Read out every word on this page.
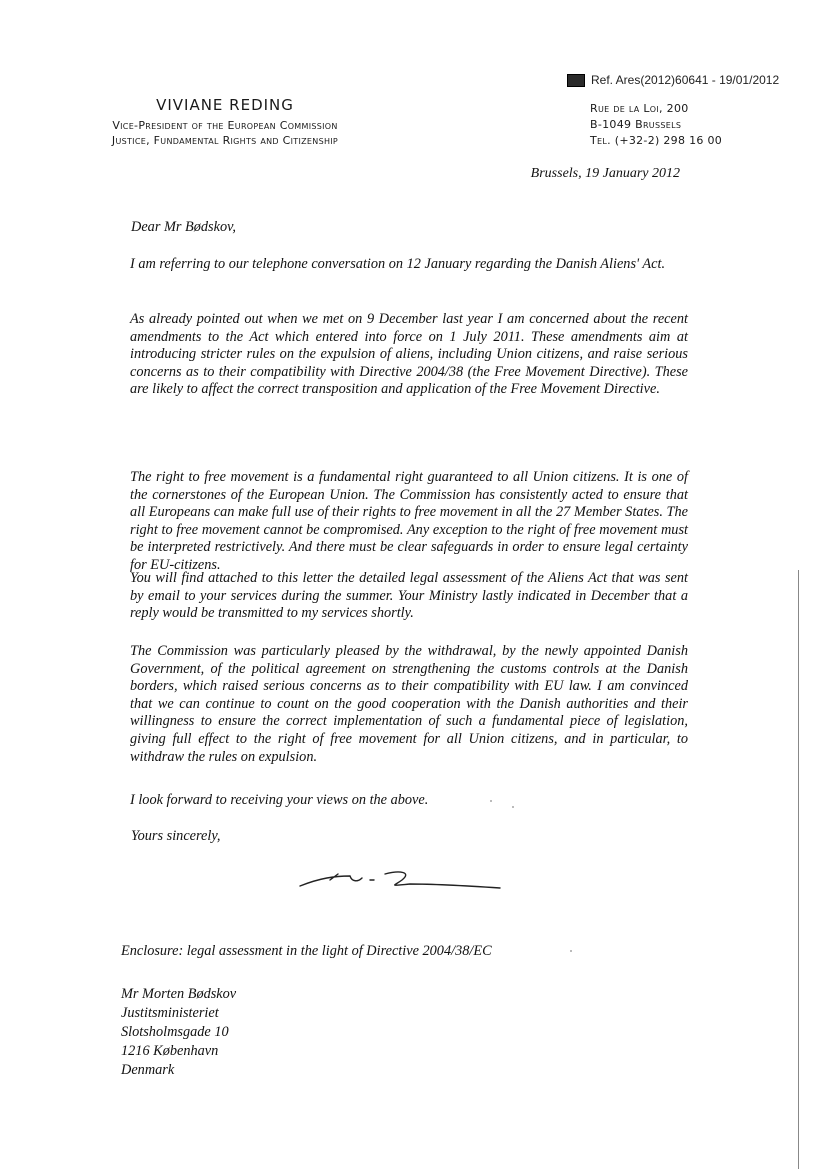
Ref. Ares(2012)60641 - 19/01/2012
VIVIANE REDING
Vice-President of the European Commission
Justice, Fundamental Rights and Citizenship
Rue de la Loi, 200
B-1049 Brussels
Tel. (+32-2) 298 16 00
Brussels, 19 January 2012
Dear Mr Bødskov,

I am referring to our telephone conversation on 12 January regarding the Danish Aliens' Act.

As already pointed out when we met on 9 December last year I am concerned about the recent amendments to the Act which entered into force on 1 July 2011. These amendments aim at introducing stricter rules on the expulsion of aliens, including Union citizens, and raise serious concerns as to their compatibility with Directive 2004/38 (the Free Movement Directive). These are likely to affect the correct transposition and application of the Free Movement Directive.

The right to free movement is a fundamental right guaranteed to all Union citizens. It is one of the cornerstones of the European Union. The Commission has consistently acted to ensure that all Europeans can make full use of their rights to free movement in all the 27 Member States. The right to free movement cannot be compromised. Any exception to the right of free movement must be interpreted restrictively. And there must be clear safeguards in order to ensure legal certainty for EU-citizens.

You will find attached to this letter the detailed legal assessment of the Aliens Act that was sent by email to your services during the summer. Your Ministry lastly indicated in December that a reply would be transmitted to my services shortly.

The Commission was particularly pleased by the withdrawal, by the newly appointed Danish Government, of the political agreement on strengthening the customs controls at the Danish borders, which raised serious concerns as to their compatibility with EU law. I am convinced that we can continue to count on the good cooperation with the Danish authorities and their willingness to ensure the correct implementation of such a fundamental piece of legislation, giving full effect to the right of free movement for all Union citizens, and in particular, to withdraw the rules on expulsion.

I look forward to receiving your views on the above.

Yours sincerely,
Enclosure: legal assessment in the light of Directive 2004/38/EC
Mr Morten Bødskov
Justitsministeriet
Slotsholmsgade 10
1216 København
Denmark
